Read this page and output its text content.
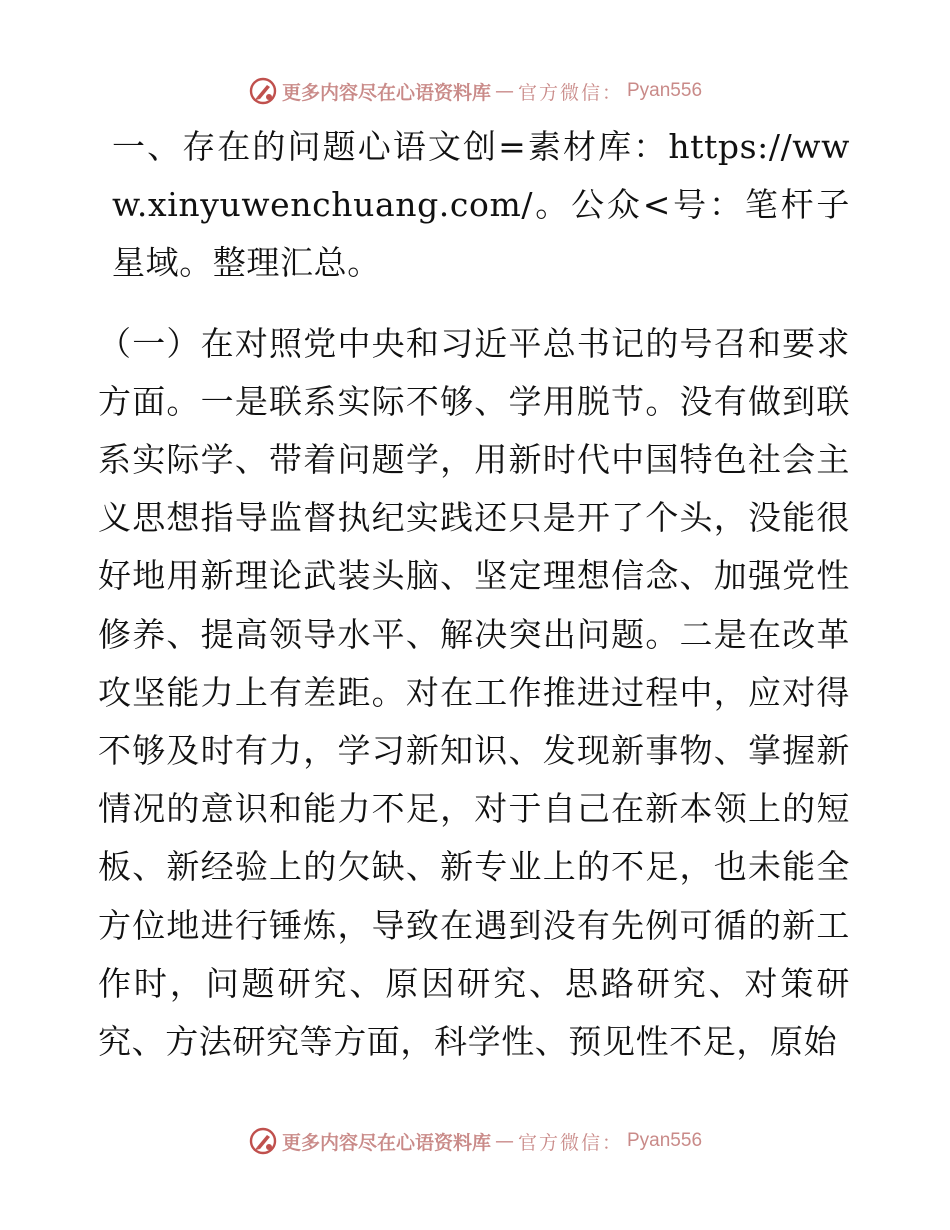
更多内容尽在心语资料库 — 官方微信： Pyan556

一、存在的问题心语文创=素材库：https://www.xinyuwenchuang.com/。公众<号：笔杆子星域。整理汇总。

（一）在对照党中央和习近平总书记的号召和要求方面。一是联系实际不够、学用脱节。没有做到联系实际学、带着问题学，用新时代中国特色社会主义思想指导监督执纪实践还只是开了个头，没能很好地用新理论武装头脑、坚定理想信念、加强党性修养、提高领导水平、解决突出问题。二是在改革攻坚能力上有差距。对在工作推进过程中，应对得不够及时有力，学习新知识、发现新事物、掌握新情况的意识和能力不足，对于自己在新本领上的短板、新经验上的欠缺、新专业上的不足，也未能全方位地进行锤炼，导致在遇到没有先例可循的新工作时，问题研究、原因研究、思路研究、对策研究、方法研究等方面，科学性、预见性不足，原始

更多内容尽在心语资料库 — 官方微信： Pyan556
